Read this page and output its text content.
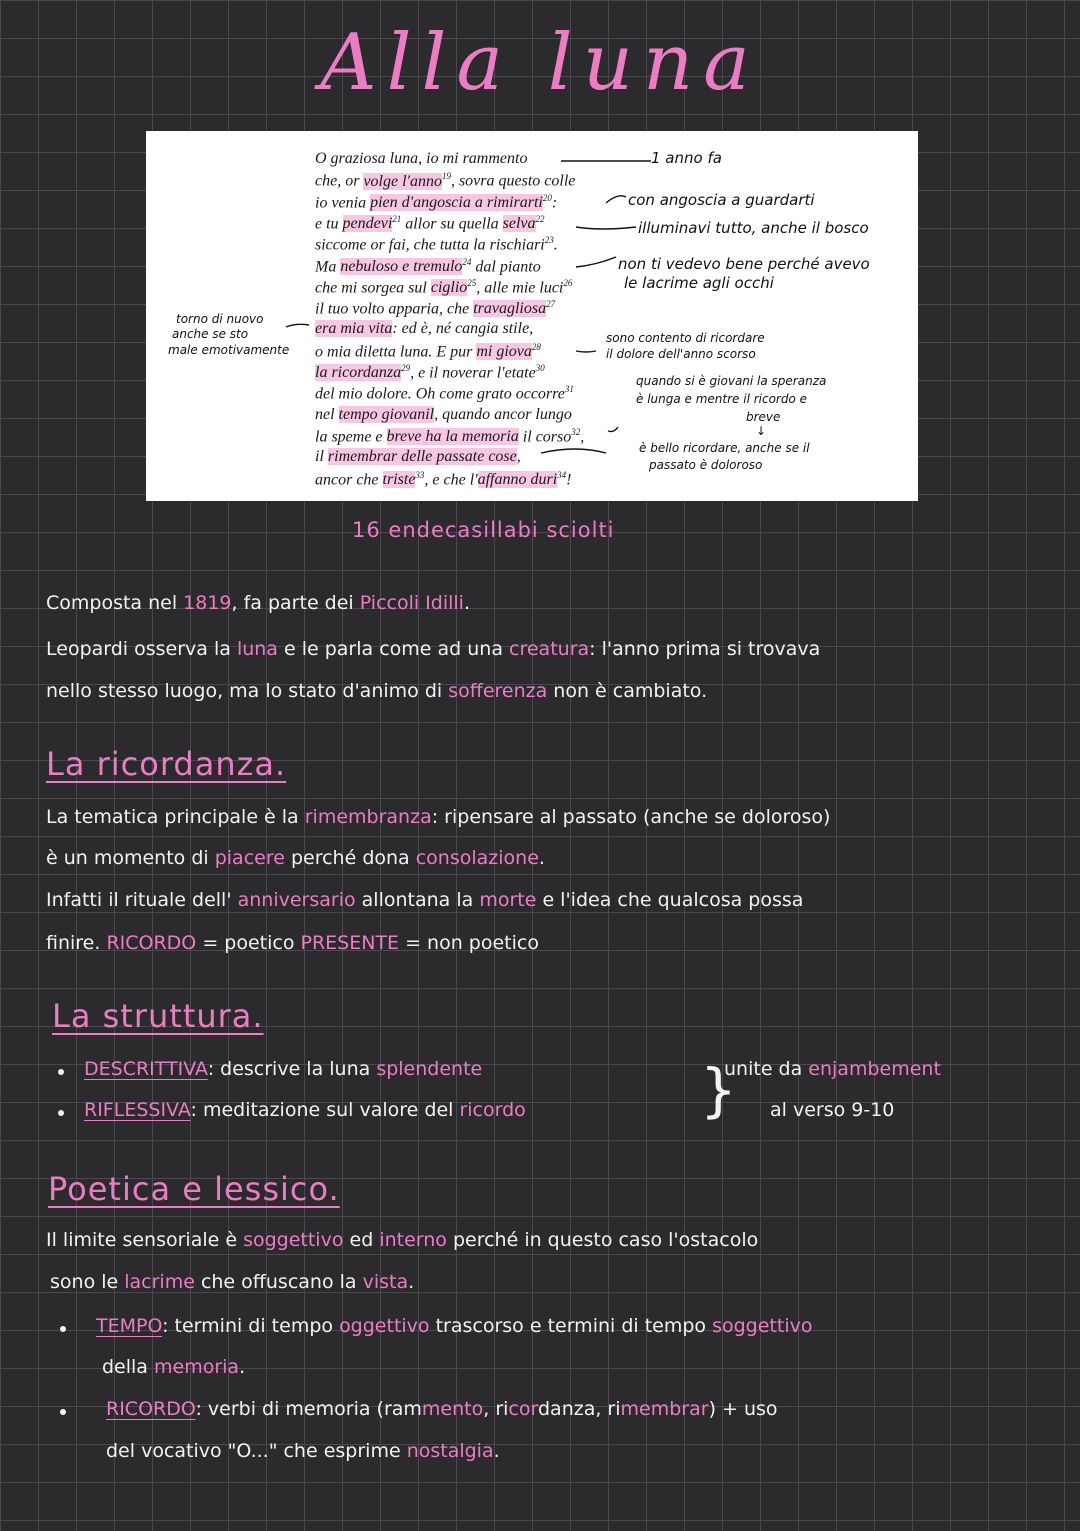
Alla luna
O graziosa luna, io mi rammento
che, or volge l'anno$^{19}$, sovra questo colle
io venia pien d'angoscia a rimirarti$^{20}$:
e tu pendevi$^{21}$ allor su quella selva$^{22}$
siccome or fai, che tutta la rischiari$^{23}$.
Ma nebuloso e tremulo$^{24}$ dal pianto
che mi sorgea sul ciglio$^{25}$, alle mie luci$^{26}$
il tuo volto apparia, che travagliosa$^{27}$
era mia vita: ed è, né cangia stile,
o mia diletta luna. E pur mi giova$^{28}$
la ricordanza$^{29}$, e il noverar l'etate$^{30}$
del mio dolore. Oh come grato occorre$^{31}$
nel tempo giovanil, quando ancor lungo
la speme e breve ha la memoria il corso$^{32}$,
il rimembrar delle passate cose,
ancor che triste$^{33}$, e che l'affanno duri$^{34}$!
1 anno fa
con angoscia a guardarti
illuminavi tutto, anche il bosco
non ti vedevo bene perché avevo
le lacrime agli occhi
sono contento di ricordare
il dolore dell'anno scorso
quando si è giovani la speranza
è lunga e mentre il ricordo e
breve
↓
è bello ricordare, anche se il
passato è doloroso
torno di nuovo
anche se sto
male emotivamente
16 endecasillabi sciolti
Composta nel 1819, fa parte dei Piccoli Idilli.
Leopardi osserva la luna e le parla come ad una creatura: l'anno prima si trovava
nello stesso luogo, ma lo stato d'animo di sofferenza non è cambiato.
La ricordanza.
La tematica principale è la rimembranza: ripensare al passato (anche se doloroso)
è un momento di piacere perché dona consolazione.
Infatti il rituale dell' anniversario allontana la morte e l'idea che qualcosa possa
finire. RICORDO = poetico PRESENTE = non poetico
La struttura.
DESCRITTIVA: descrive la luna splendente
RIFLESSIVA: meditazione sul valore del ricordo	}
unite da enjambement
al verso 9-10
Poetica e lessico.
Il limite sensoriale è soggettivo ed interno perché in questo caso l'ostacolo
sono le lacrime che offuscano la vista.
TEMPO: termini di tempo oggettivo trascorso e termini di tempo soggettivo
della memoria.
RICORDO: verbi di memoria (rammento, ricordanza, rimembrar) + uso
del vocativo "O..." che esprime nostalgia.
